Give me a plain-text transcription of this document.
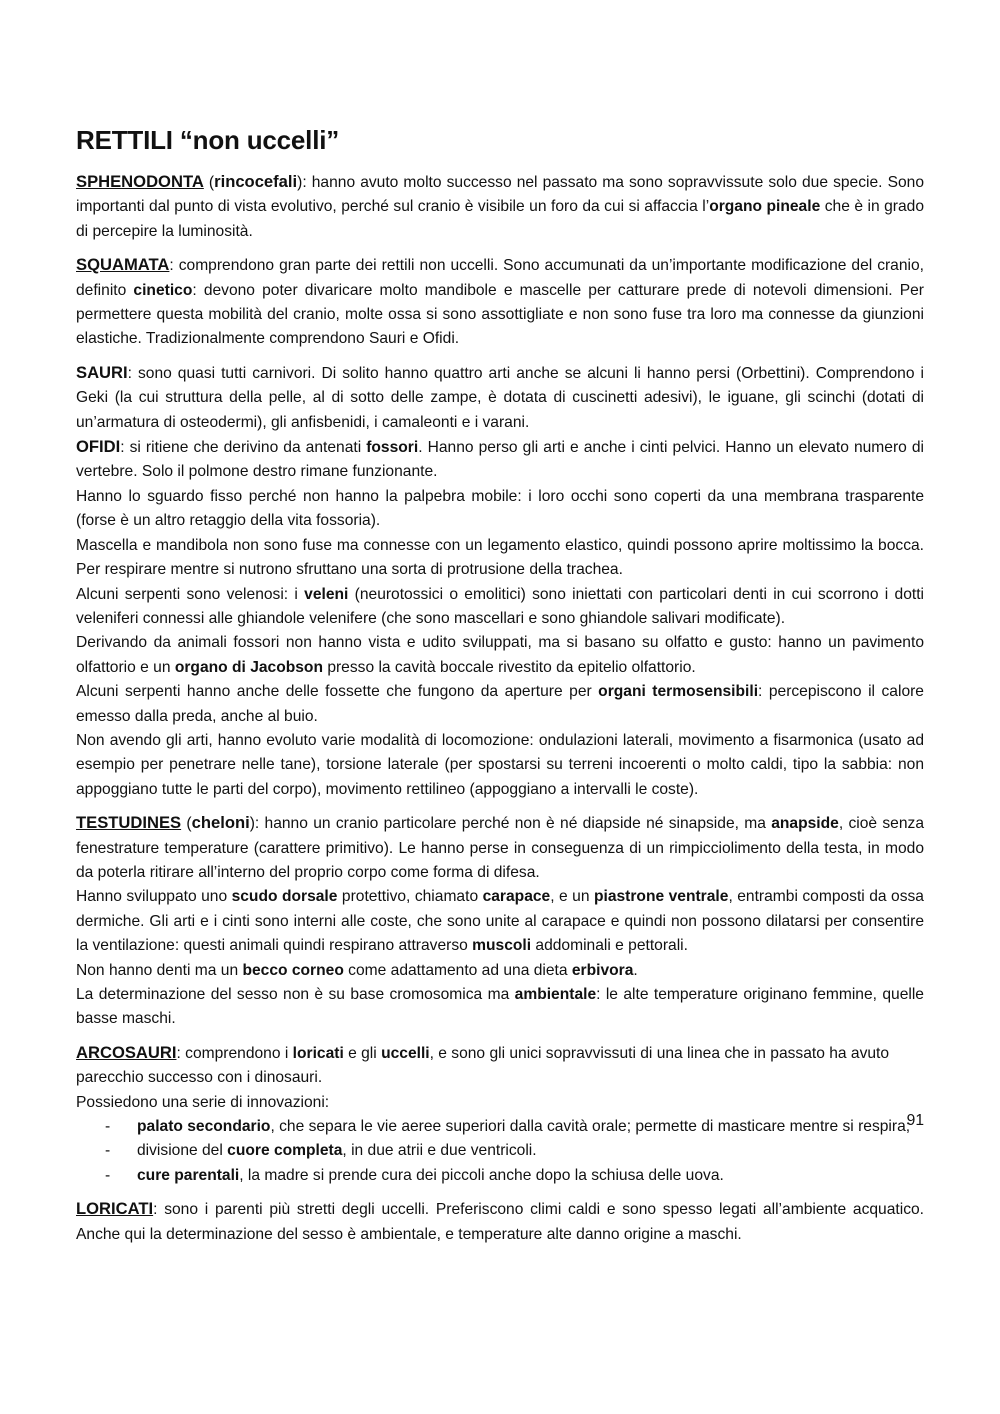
RETTILI “non uccelli”

SPHENODONTA (rincocefali): hanno avuto molto successo nel passato ma sono sopravvissute solo due specie. Sono importanti dal punto di vista evolutivo, perché sul cranio è visibile un foro da cui si affaccia l’organo pineale che è in grado di percepire la luminosità.

SQUAMATA: comprendono gran parte dei rettili non uccelli. Sono accumunati da un’importante modificazione del cranio, definito cinetico: devono poter divaricare molto mandibole e mascelle per catturare prede di notevoli dimensioni. Per permettere questa mobilità del cranio, molte ossa si sono assottigliate e non sono fuse tra loro ma connesse da giunzioni elastiche. Tradizionalmente comprendono Sauri e Ofidi.

SAURI: sono quasi tutti carnivori. Di solito hanno quattro arti anche se alcuni li hanno persi (Orbettini). Comprendono i Geki (la cui struttura della pelle, al di sotto delle zampe, è dotata di cuscinetti adesivi), le iguane, gli scinchi (dotati di un’armatura di osteodermi), gli anfisbenidi, i camaleonti e i varani.

OFIDI: si ritiene che derivino da antenati fossori. Hanno perso gli arti e anche i cinti pelvici. Hanno un elevato numero di vertebre. Solo il polmone destro rimane funzionante.

Hanno lo sguardo fisso perché non hanno la palpebra mobile: i loro occhi sono coperti da una membrana trasparente (forse è un altro retaggio della vita fossoria).

Mascella e mandibola non sono fuse ma connesse con un legamento elastico, quindi possono aprire moltissimo la bocca. Per respirare mentre si nutrono sfruttano una sorta di protrusione della trachea.

Alcuni serpenti sono velenosi: i veleni (neurotossici o emolitici) sono iniettati con particolari denti in cui scorrono i dotti veleniferi connessi alle ghiandole velenifere (che sono mascellari e sono ghiandole salivari modificate).

Derivando da animali fossori non hanno vista e udito sviluppati, ma si basano su olfatto e gusto: hanno un pavimento olfattorio e un organo di Jacobson presso la cavità boccale rivestito da epitelio olfattorio.

Alcuni serpenti hanno anche delle fossette che fungono da aperture per organi termosensibili: percepiscono il calore emesso dalla preda, anche al buio.

Non avendo gli arti, hanno evoluto varie modalità di locomozione: ondulazioni laterali, movimento a fisarmonica (usato ad esempio per penetrare nelle tane), torsione laterale (per spostarsi su terreni incoerenti o molto caldi, tipo la sabbia: non appoggiano tutte le parti del corpo), movimento rettilineo (appoggiano a intervalli le coste).

TESTUDINES (cheloni): hanno un cranio particolare perché non è né diapside né sinapside, ma anapside, cioè senza fenestrature temperature (carattere primitivo). Le hanno perse in conseguenza di un rimpicciolimento della testa, in modo da poterla ritirare all’interno del proprio corpo come forma di difesa.

Hanno sviluppato uno scudo dorsale protettivo, chiamato carapace, e un piastrone ventrale, entrambi composti da ossa dermiche. Gli arti e i cinti sono interni alle coste, che sono unite al carapace e quindi non possono dilatarsi per consentire la ventilazione: questi animali quindi respirano attraverso muscoli addominali e pettorali.

Non hanno denti ma un becco corneo come adattamento ad una dieta erbivora.

La determinazione del sesso non è su base cromosomica ma ambientale: le alte temperature originano femmine, quelle basse maschi.

ARCOSAURI: comprendono i loricati e gli uccelli, e sono gli unici sopravvissuti di una linea che in passato ha avuto parecchio successo con i dinosauri.

Possiedono una serie di innovazioni:

- palato secondario, che separa le vie aeree superiori dalla cavità orale; permette di masticare mentre si respira;
- divisione del cuore completa, in due atrii e due ventricoli.
- cure parentali, la madre si prende cura dei piccoli anche dopo la schiusa delle uova.

LORICATI: sono i parenti più stretti degli uccelli. Preferiscono climi caldi e sono spesso legati all’ambiente acquatico. Anche qui la determinazione del sesso è ambientale, e temperature alte danno origine a maschi.

91
